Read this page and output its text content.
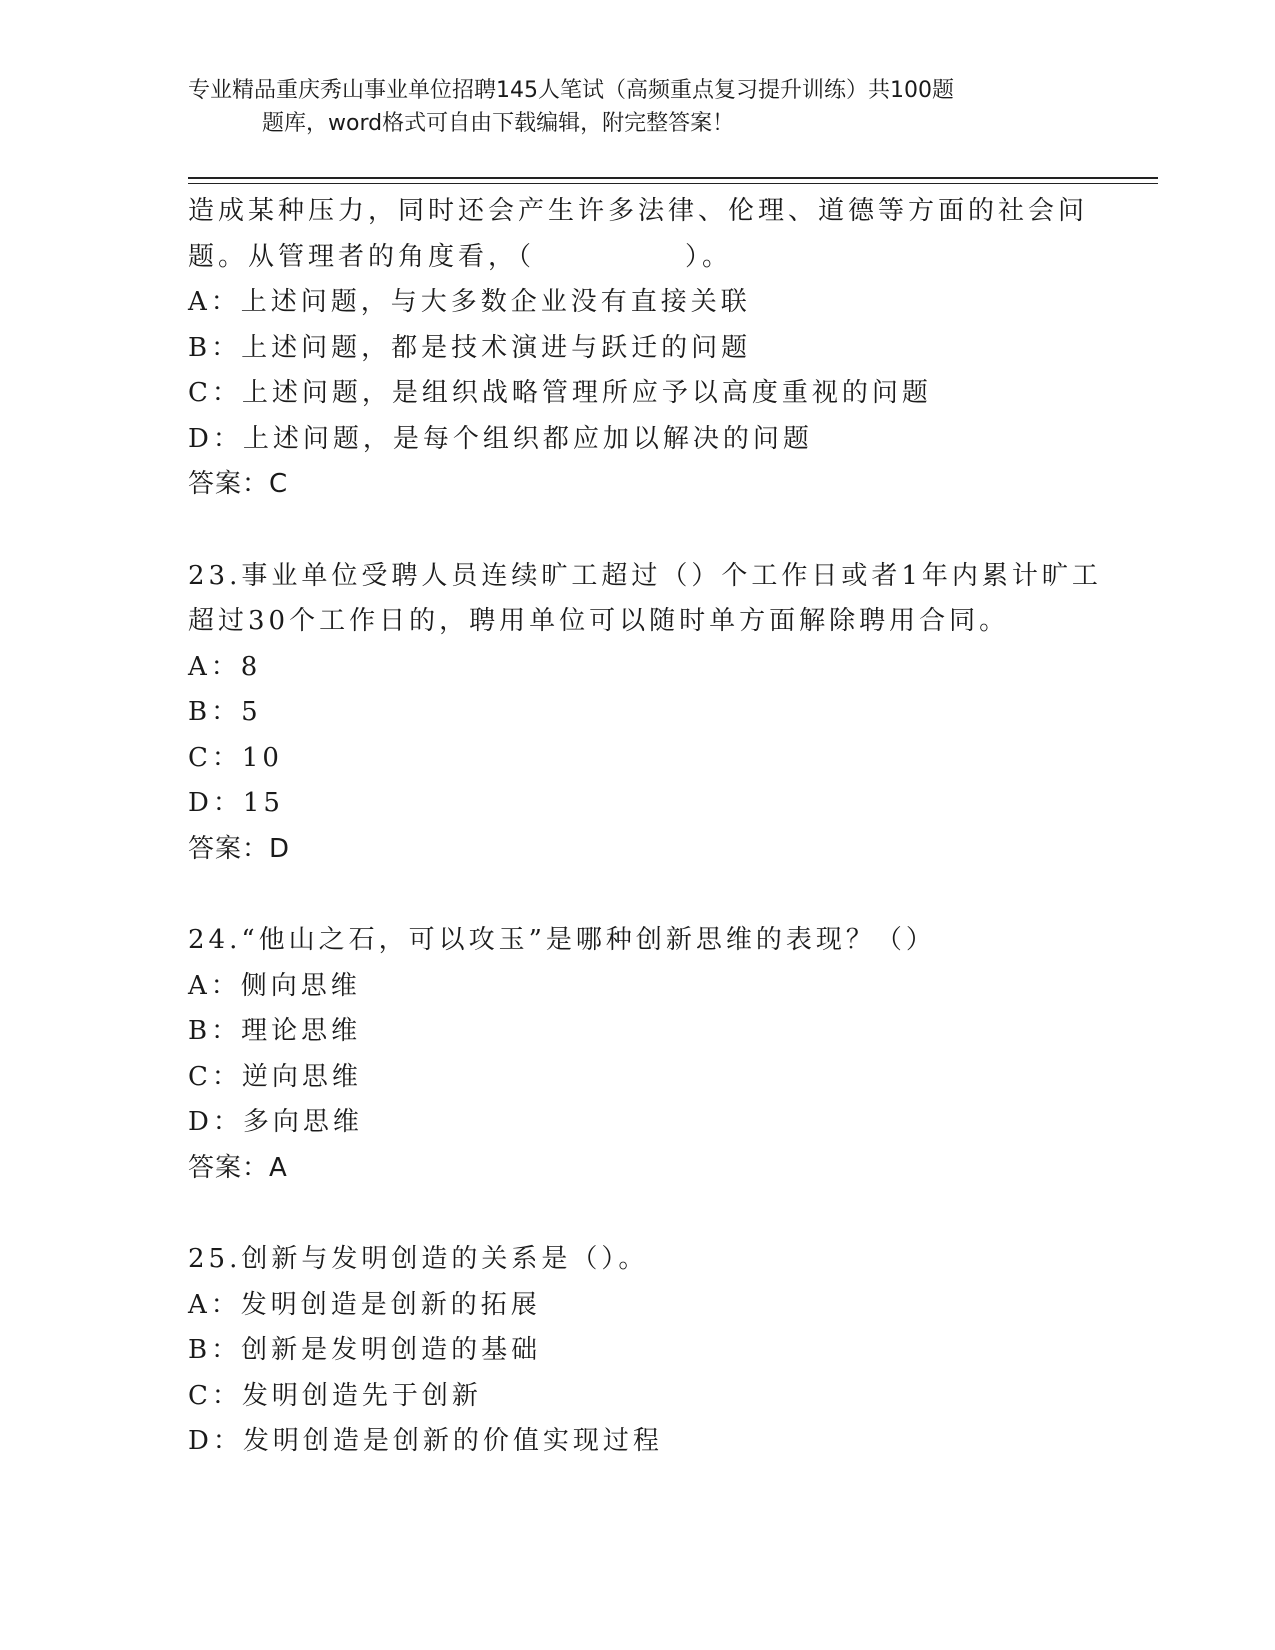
专业精品重庆秀山事业单位招聘145人笔试（高频重点复习提升训练）共100题
题库，word格式可自由下载编辑，附完整答案！
造成某种压力，同时还会产生许多法律、伦理、道德等方面的社会问
题。从管理者的角度看，（　　　　　）。
A：上述问题，与大多数企业没有直接关联
B：上述问题，都是技术演进与跃迁的问题
C：上述问题，是组织战略管理所应予以高度重视的问题
D：上述问题，是每个组织都应加以解决的问题
答案：C
23.事业单位受聘人员连续旷工超过（）个工作日或者1年内累计旷工
超过30个工作日的，聘用单位可以随时单方面解除聘用合同。
A：8
B：5
C：10
D：15
答案：D
24.“他山之石，可以攻玉”是哪种创新思维的表现？（）
A：侧向思维
B：理论思维
C：逆向思维
D：多向思维
答案：A
25.创新与发明创造的关系是（）。
A：发明创造是创新的拓展
B：创新是发明创造的基础
C：发明创造先于创新
D：发明创造是创新的价值实现过程
